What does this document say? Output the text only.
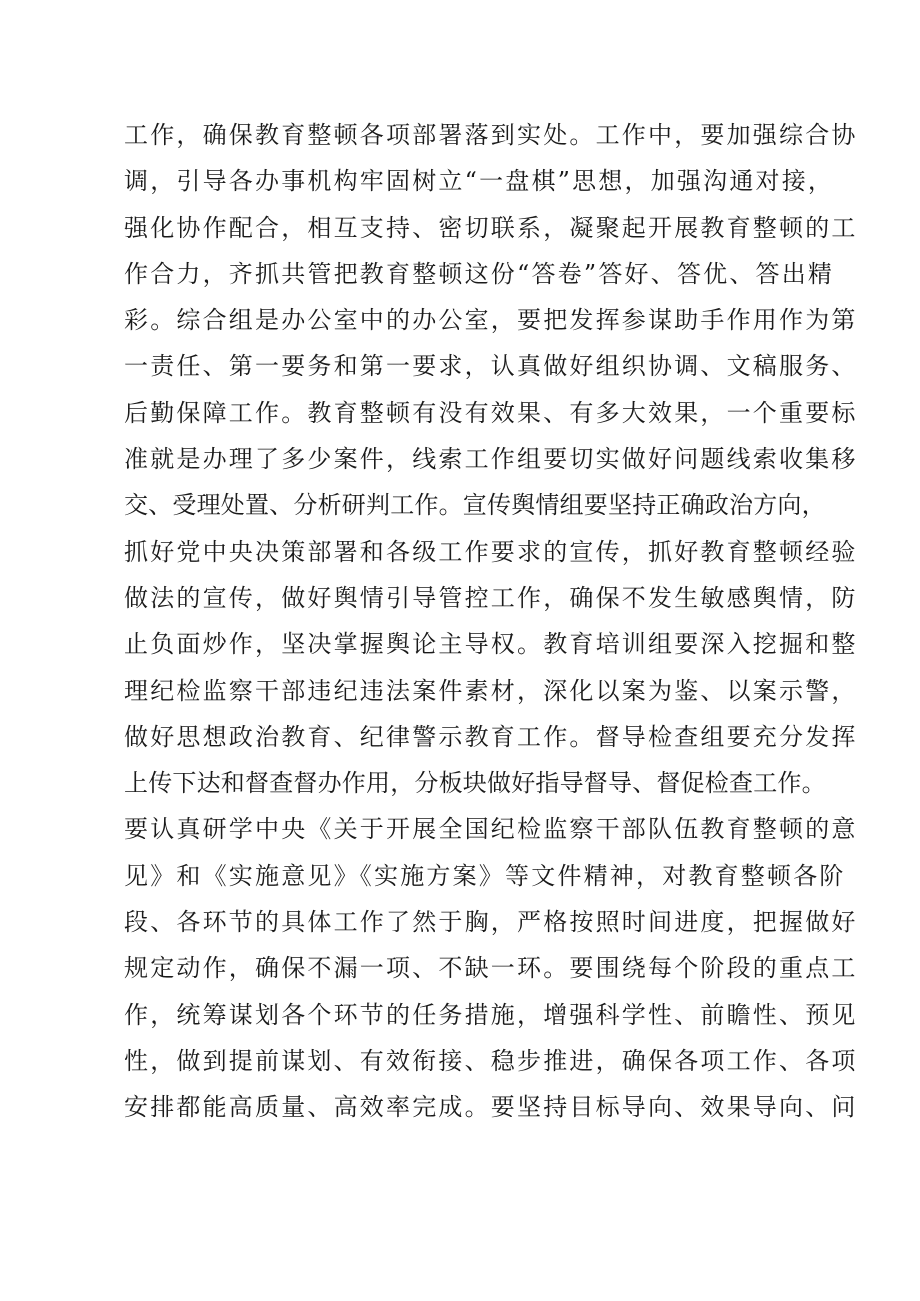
工作，确保教育整顿各项部署落到实处。工作中，要加强综合协
调，引导各办事机构牢固树立“一盘棋”思想，加强沟通对接，
强化协作配合，相互支持、密切联系，凝聚起开展教育整顿的工
作合力，齐抓共管把教育整顿这份“答卷”答好、答优、答出精
彩。综合组是办公室中的办公室，要把发挥参谋助手作用作为第
一责任、第一要务和第一要求，认真做好组织协调、文稿服务、
后勤保障工作。教育整顿有没有效果、有多大效果，一个重要标
准就是办理了多少案件，线索工作组要切实做好问题线索收集移
交、受理处置、分析研判工作。宣传舆情组要坚持正确政治方向，
抓好党中央决策部署和各级工作要求的宣传，抓好教育整顿经验
做法的宣传，做好舆情引导管控工作，确保不发生敏感舆情，防
止负面炒作，坚决掌握舆论主导权。教育培训组要深入挖掘和整
理纪检监察干部违纪违法案件素材，深化以案为鉴、以案示警，
做好思想政治教育、纪律警示教育工作。督导检查组要充分发挥
上传下达和督查督办作用，分板块做好指导督导、督促检查工作。
要认真研学中央《关于开展全国纪检监察干部队伍教育整顿的意
见》和《实施意见》《实施方案》等文件精神，对教育整顿各阶
段、各环节的具体工作了然于胸，严格按照时间进度，把握做好
规定动作，确保不漏一项、不缺一环。要围绕每个阶段的重点工
作，统筹谋划各个环节的任务措施，增强科学性、前瞻性、预见
性，做到提前谋划、有效衔接、稳步推进，确保各项工作、各项
安排都能高质量、高效率完成。要坚持目标导向、效果导向、问
